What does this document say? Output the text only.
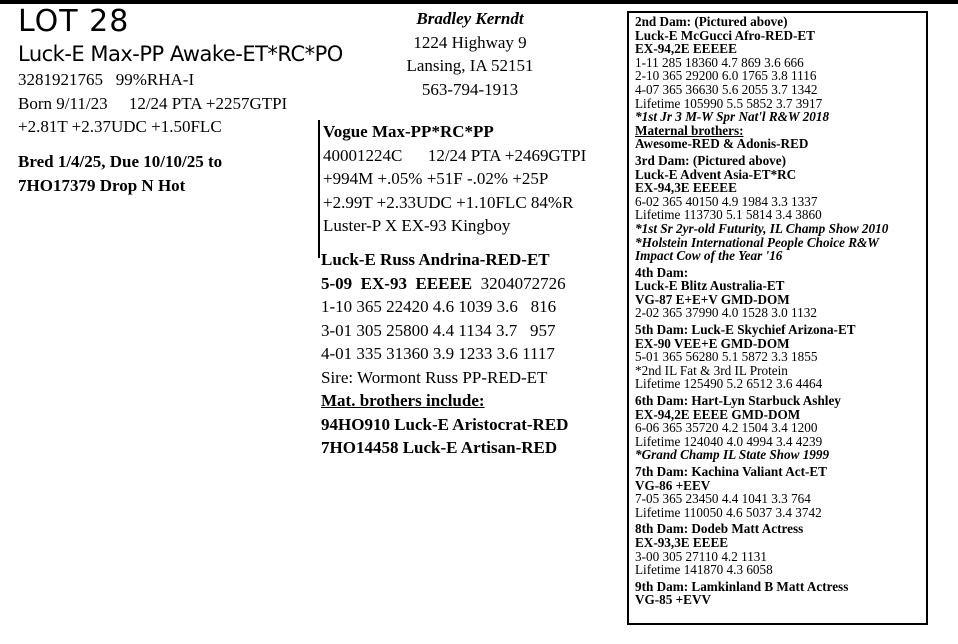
LOT 28
Luck-E Max-PP Awake-ET*RC*PO
3281921765   99%RHA-I
Born 9/11/23     12/24 PTA +2257GTPI
+2.81T +2.37UDC +1.50FLC
Bred 1/4/25, Due 10/10/25 to
7HO17379 Drop N Hot
Bradley Kerndt
1224 Highway 9
Lansing, IA 52151
563-794-1913
Vogue Max-PP*RC*PP
40001224C      12/24 PTA +2469GTPI
+994M +.05% +51F -.02% +25P
+2.99T +2.33UDC +1.10FLC 84%R
Luster-P X EX-93 Kingboy
Luck-E Russ Andrina-RED-ET
5-09  EX-93  EEEEE  3204072726
1-10 365 22420 4.6 1039 3.6   816
3-01 305 25800 4.4 1134 3.7   957
4-01 335 31360 3.9 1233 3.6 1117
Sire: Wormont Russ PP-RED-ET
Mat. brothers include:
94HO910 Luck-E Aristocrat-RED
7HO14458 Luck-E Artisan-RED
2nd Dam: (Pictured above)
Luck-E McGucci Afro-RED-ET
EX-94,2E EEEEE
1-11 285 18360 4.7 869 3.6 666
2-10 365 29200 6.0 1765 3.8 1116
4-07 365 36630 5.6 2055 3.7 1342
Lifetime 105990 5.5 5852 3.7 3917
*1st Jr 3 M-W Spr Nat'l R&W 2018
Maternal brothers:
Awesome-RED & Adonis-RED
3rd Dam: (Pictured above)
Luck-E Advent Asia-ET*RC
EX-94,3E EEEEE
6-02 365 40150 4.9 1984 3.3 1337
Lifetime 113730 5.1 5814 3.4 3860
*1st Sr 2yr-old Futurity, IL Champ Show 2010
*Holstein International People Choice R&W
Impact Cow of the Year '16
4th Dam:
Luck-E Blitz Australia-ET
VG-87 E+E+V GMD-DOM
2-02 365 37990 4.0 1528 3.0 1132
5th Dam: Luck-E Skychief Arizona-ET
EX-90 VEE+E GMD-DOM
5-01 365 56280 5.1 5872 3.3 1855
*2nd IL Fat & 3rd IL Protein
Lifetime 125490 5.2 6512 3.6 4464
6th Dam: Hart-Lyn Starbuck Ashley
EX-94,2E EEEE GMD-DOM
6-06 365 35720 4.2 1504 3.4 1200
Lifetime 124040 4.0 4994 3.4 4239
*Grand Champ IL State Show 1999
7th Dam: Kachina Valiant Act-ET
VG-86 +EEV
7-05 365 23450 4.4 1041 3.3 764
Lifetime 110050 4.6 5037 3.4 3742
8th Dam: Dodeb Matt Actress
EX-93,3E EEEE
3-00 305 27110 4.2 1131
Lifetime 141870 4.3 6058
9th Dam: Lamkinland B Matt Actress
VG-85 +EVV
